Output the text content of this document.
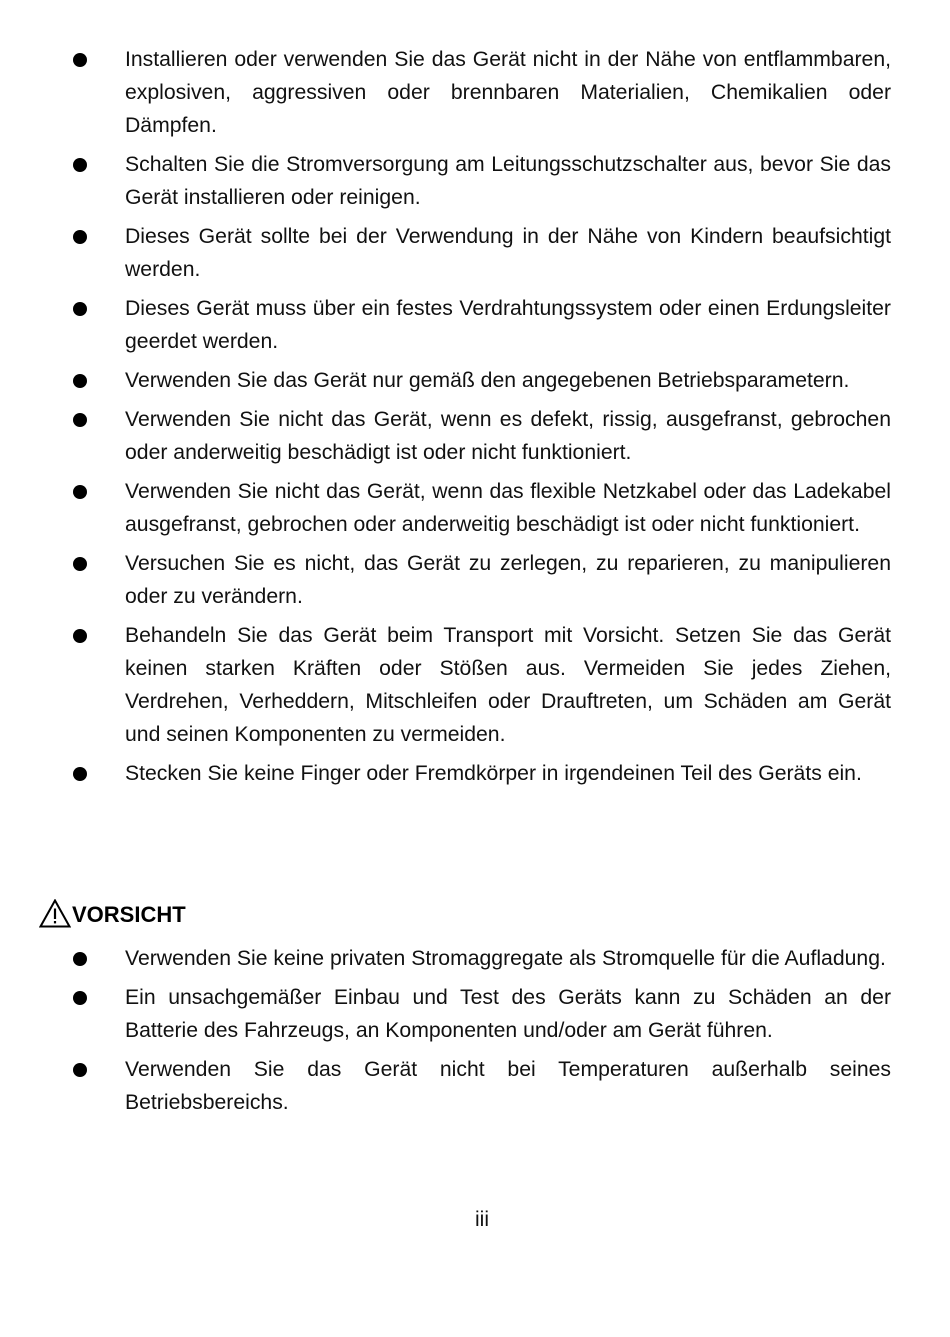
Installieren oder verwenden Sie das Gerät nicht in der Nähe von entflammbaren, explosiven, aggressiven oder brennbaren Materialien, Chemikalien oder Dämpfen.
Schalten Sie die Stromversorgung am Leitungsschutzschalter aus, bevor Sie das Gerät installieren oder reinigen.
Dieses Gerät sollte bei der Verwendung in der Nähe von Kindern beaufsichtigt werden.
Dieses Gerät muss über ein festes Verdrahtungssystem oder einen Erdungsleiter geerdet werden.
Verwenden Sie das Gerät nur gemäß den angegebenen Betriebsparametern.
Verwenden Sie nicht das Gerät, wenn es defekt, rissig, ausgefranst, gebrochen oder anderweitig beschädigt ist oder nicht funktioniert.
Verwenden Sie nicht das Gerät, wenn das flexible Netzkabel oder das Ladekabel ausgefranst, gebrochen oder anderweitig beschädigt ist oder nicht funktioniert.
Versuchen Sie es nicht, das Gerät zu zerlegen, zu reparieren, zu manipulieren oder zu verändern.
Behandeln Sie das Gerät beim Transport mit Vorsicht. Setzen Sie das Gerät keinen starken Kräften oder Stößen aus. Vermeiden Sie jedes Ziehen, Verdrehen, Verheddern, Mitschleifen oder Drauftreten, um Schäden am Gerät und seinen Komponenten zu vermeiden.
Stecken Sie keine Finger oder Fremdkörper in irgendeinen Teil des Geräts ein.
VORSICHT
Verwenden Sie keine privaten Stromaggregate als Stromquelle für die Aufladung.
Ein unsachgemäßer Einbau und Test des Geräts kann zu Schäden an der Batterie des Fahrzeugs, an Komponenten und/oder am Gerät führen.
Verwenden Sie das Gerät nicht bei Temperaturen außerhalb seines Betriebsbereichs.
iii
